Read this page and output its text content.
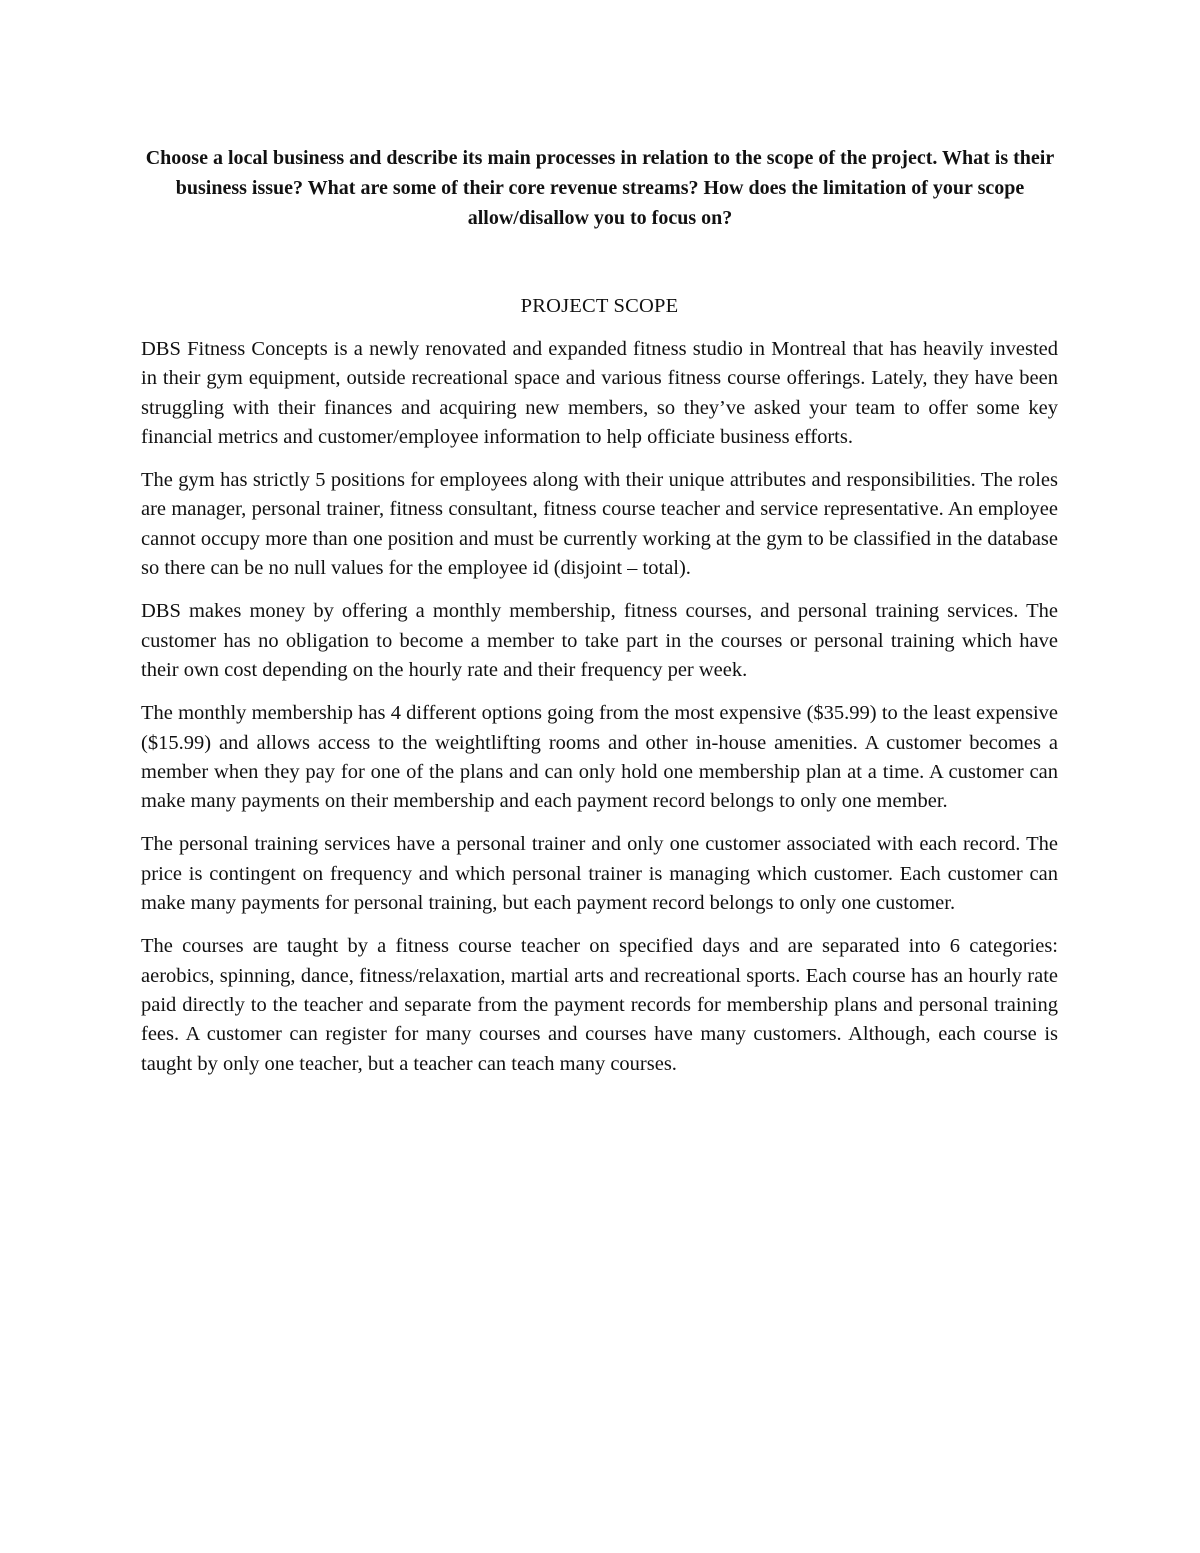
Choose a local business and describe its main processes in relation to the scope of the project. What is their business issue? What are some of their core revenue streams? How does the limitation of your scope allow/disallow you to focus on?

PROJECT SCOPE

DBS Fitness Concepts is a newly renovated and expanded fitness studio in Montreal that has heavily invested in their gym equipment, outside recreational space and various fitness course offerings. Lately, they have been struggling with their finances and acquiring new members, so they’ve asked your team to offer some key financial metrics and customer/employee information to help officiate business efforts.

The gym has strictly 5 positions for employees along with their unique attributes and responsibilities. The roles are manager, personal trainer, fitness consultant, fitness course teacher and service representative. An employee cannot occupy more than one position and must be currently working at the gym to be classified in the database so there can be no null values for the employee id (disjoint – total).

DBS makes money by offering a monthly membership, fitness courses, and personal training services. The customer has no obligation to become a member to take part in the courses or personal training which have their own cost depending on the hourly rate and their frequency per week.

The monthly membership has 4 different options going from the most expensive ($35.99) to the least expensive ($15.99) and allows access to the weightlifting rooms and other in-house amenities. A customer becomes a member when they pay for one of the plans and can only hold one membership plan at a time. A customer can make many payments on their membership and each payment record belongs to only one member.

The personal training services have a personal trainer and only one customer associated with each record. The price is contingent on frequency and which personal trainer is managing which customer. Each customer can make many payments for personal training, but each payment record belongs to only one customer.

The courses are taught by a fitness course teacher on specified days and are separated into 6 categories: aerobics, spinning, dance, fitness/relaxation, martial arts and recreational sports. Each course has an hourly rate paid directly to the teacher and separate from the payment records for membership plans and personal training fees. A customer can register for many courses and courses have many customers. Although, each course is taught by only one teacher, but a teacher can teach many courses.
